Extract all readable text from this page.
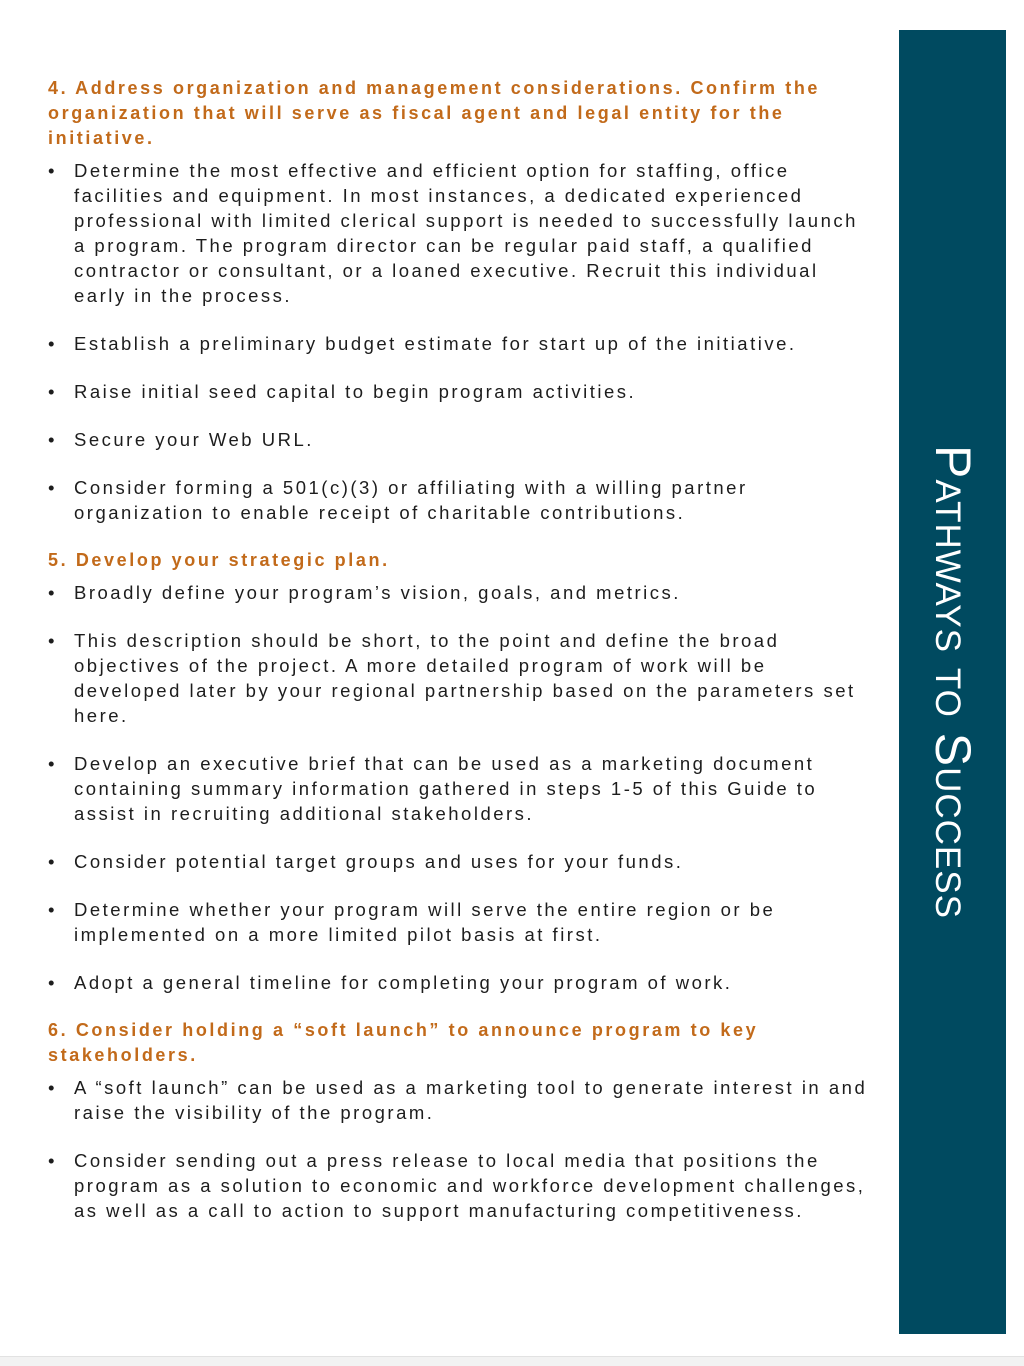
4. Address organization and management considerations. Confirm the organization that will serve as fiscal agent and legal entity for the initiative.
• Determine the most effective and efficient option for staffing, office facilities and equipment. In most instances, a dedicated experienced professional with limited clerical support is needed to successfully launch a program. The program director can be regular paid staff, a qualified contractor or consultant, or a loaned executive. Recruit this individual early in the process.
• Establish a preliminary budget estimate for start up of the initiative.
• Raise initial seed capital to begin program activities.
• Secure your Web URL.
• Consider forming a 501(c)(3) or affiliating with a willing partner organization to enable receipt of charitable contributions.
5. Develop your strategic plan.
• Broadly define your program’s vision, goals, and metrics.
• This description should be short, to the point and define the broad objectives of the project. A more detailed program of work will be developed later by your regional partnership based on the parameters set here.
• Develop an executive brief that can be used as a marketing document containing summary information gathered in steps 1-5 of this Guide to assist in recruiting additional stakeholders.
• Consider potential target groups and uses for your funds.
• Determine whether your program will serve the entire region or be implemented on a more limited pilot basis at first.
• Adopt a general timeline for completing your program of work.
6. Consider holding a “soft launch” to announce program to key stakeholders.
• A “soft launch” can be used as a marketing tool to generate interest in and raise the visibility of the program.
• Consider sending out a press release to local media that positions the program as a solution to economic and workforce development challenges, as well as a call to action to support manufacturing competitiveness.
Pathways to Success
